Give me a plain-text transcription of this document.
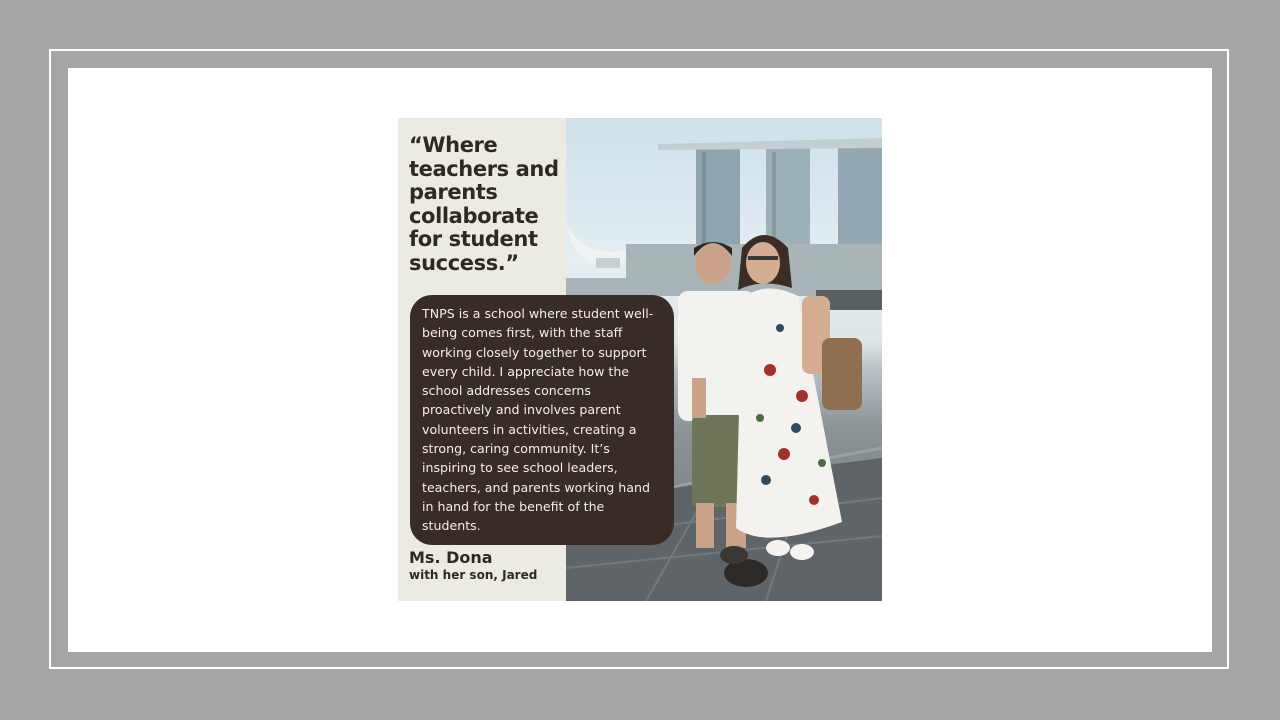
“Where teachers and parents collaborate for student success.”

TNPS is a school where student well-being comes first, with the staff working closely together to support every child. I appreciate how the school addresses concerns proactively and involves parent volunteers in activities, creating a strong, caring community. It’s inspiring to see school leaders, teachers, and parents working hand in hand for the benefit of the students.

Ms. Dona

with her son, Jared
